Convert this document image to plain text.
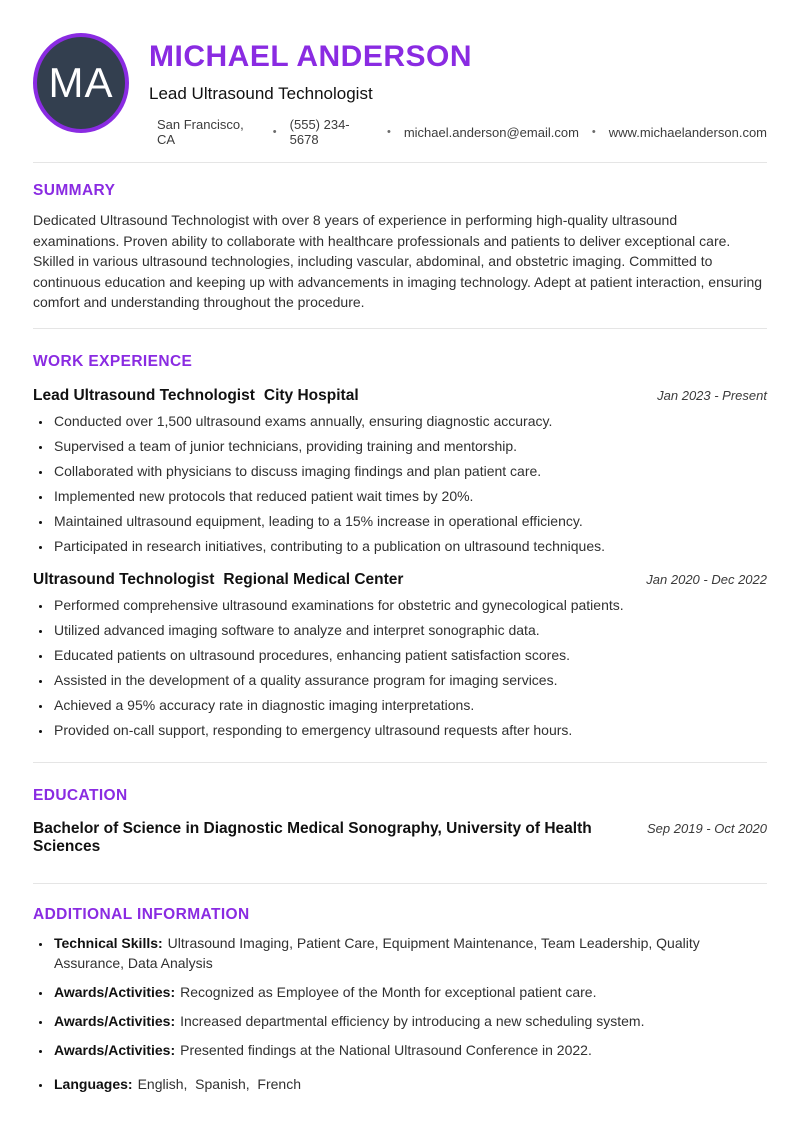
MA
MICHAEL ANDERSON
Lead Ultrasound Technologist
San Francisco, CA	• (555) 234-5678	• michael.anderson@email.com • www.michaelanderson.com
SUMMARY

Dedicated Ultrasound Technologist with over 8 years of experience in performing high-quality ultrasound examinations. Proven ability to collaborate with healthcare professionals and patients to deliver exceptional care. Skilled in various ultrasound technologies, including vascular, abdominal, and obstetric imaging. Committed to continuous education and keeping up with advancements in imaging technology. Adept at patient interaction, ensuring comfort and understanding throughout the procedure.

WORK EXPERIENCE
Lead Ultrasound Technologist City Hospital	Jan 2023 - Present
• Conducted over 1,500 ultrasound exams annually, ensuring diagnostic accuracy.
• Supervised a team of junior technicians, providing training and mentorship.
• Collaborated with physicians to discuss imaging findings and plan patient care.
• Implemented new protocols that reduced patient wait times by 20%.
• Maintained ultrasound equipment, leading to a 15% increase in operational efficiency.
• Participated in research initiatives, contributing to a publication on ultrasound techniques.
Ultrasound Technologist Regional Medical Center	Jan 2020 - Dec 2022
• Performed comprehensive ultrasound examinations for obstetric and gynecological patients.
• Utilized advanced imaging software to analyze and interpret sonographic data.
• Educated patients on ultrasound procedures, enhancing patient satisfaction scores.
• Assisted in the development of a quality assurance program for imaging services.
• Achieved a 95% accuracy rate in diagnostic imaging interpretations.
• Provided on-call support, responding to emergency ultrasound requests after hours.
EDUCATION
Bachelor of Science in Diagnostic Medical Sonography, University of Health Sciences
Sep 2019 - Oct 2020
ADDITIONAL INFORMATION
• Technical Skills: Ultrasound Imaging, Patient Care, Equipment Maintenance, Team Leadership, Quality Assurance, Data Analysis
• Awards/Activities: Recognized as Employee of the Month for exceptional patient care.
• Awards/Activities: Increased departmental efficiency by introducing a new scheduling system.
• Awards/Activities: Presented findings at the National Ultrasound Conference in 2022.
• Languages: English,  Spanish,  French
